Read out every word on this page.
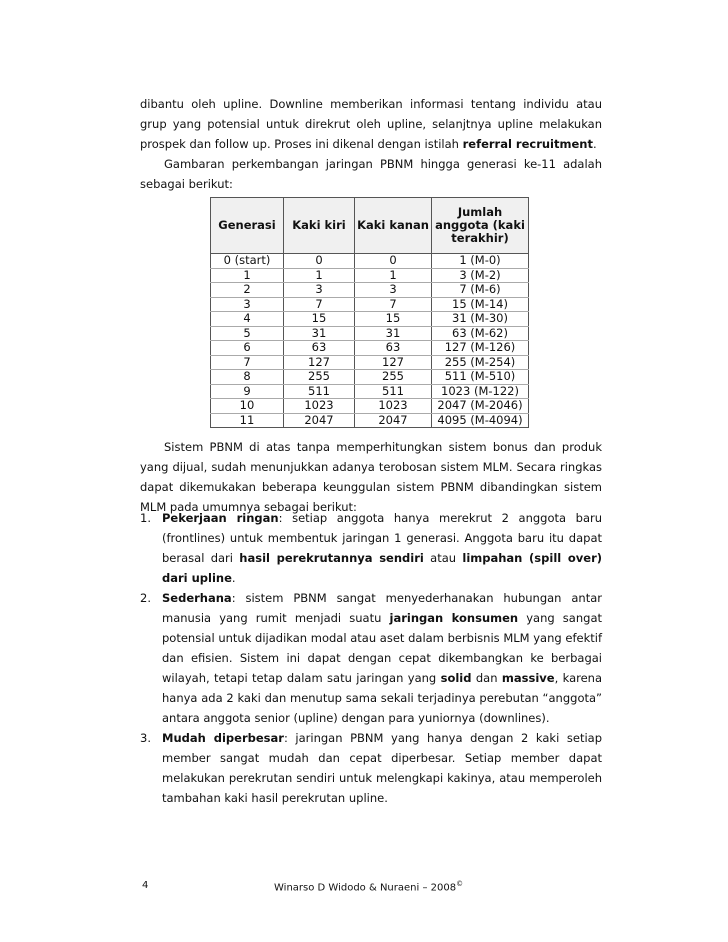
dibantu oleh upline. Downline memberikan informasi tentang individu atau grup yang potensial untuk direkrut oleh upline, selanjtnya upline melakukan prospek dan follow up. Proses ini dikenal dengan istilah referral recruitment.

Gambaran perkembangan jaringan PBNM hingga generasi ke-11 adalah sebagai berikut:

Generasi	Kaki kiri	Kaki kanan	Jumlah anggota (kaki terakhir)
0 (start)	0	0	1 (M-0)
1	1	1	3 (M-2)
2	3	3	7 (M-6)
3	7	7	15 (M-14)
4	15	15	31 (M-30)
5	31	31	63 (M-62)
6	63	63	127 (M-126)
7	127	127	255 (M-254)
8	255	255	511 (M-510)
9	511	511	1023 (M-122)
10	1023	1023	2047 (M-2046)
11	2047	2047	4095 (M-4094)

Sistem PBNM di atas tanpa memperhitungkan sistem bonus dan produk yang dijual, sudah menunjukkan adanya terobosan sistem MLM. Secara ringkas dapat dikemukakan beberapa keunggulan sistem PBNM dibandingkan sistem MLM pada umumnya sebagai berikut:

1. Pekerjaan ringan: setiap anggota hanya merekrut 2 anggota baru (frontlines) untuk membentuk jaringan 1 generasi. Anggota baru itu dapat berasal dari hasil perekrutannya sendiri atau limpahan (spill over) dari upline.

2. Sederhana: sistem PBNM sangat menyederhanakan hubungan antar manusia yang rumit menjadi suatu jaringan konsumen yang sangat potensial untuk dijadikan modal atau aset dalam berbisnis MLM yang efektif dan efisien. Sistem ini dapat dengan cepat dikembangkan ke berbagai wilayah, tetapi tetap dalam satu jaringan yang solid dan massive, karena hanya ada 2 kaki dan menutup sama sekali terjadinya perebutan “anggota” antara anggota senior (upline) dengan para yuniornya (downlines).

3. Mudah diperbesar: jaringan PBNM yang hanya dengan 2 kaki setiap member sangat mudah dan cepat diperbesar. Setiap member dapat melakukan perekrutan sendiri untuk melengkapi kakinya, atau memperoleh tambahan kaki hasil perekrutan upline.

4	Winarso D Widodo & Nuraeni – 2008©
